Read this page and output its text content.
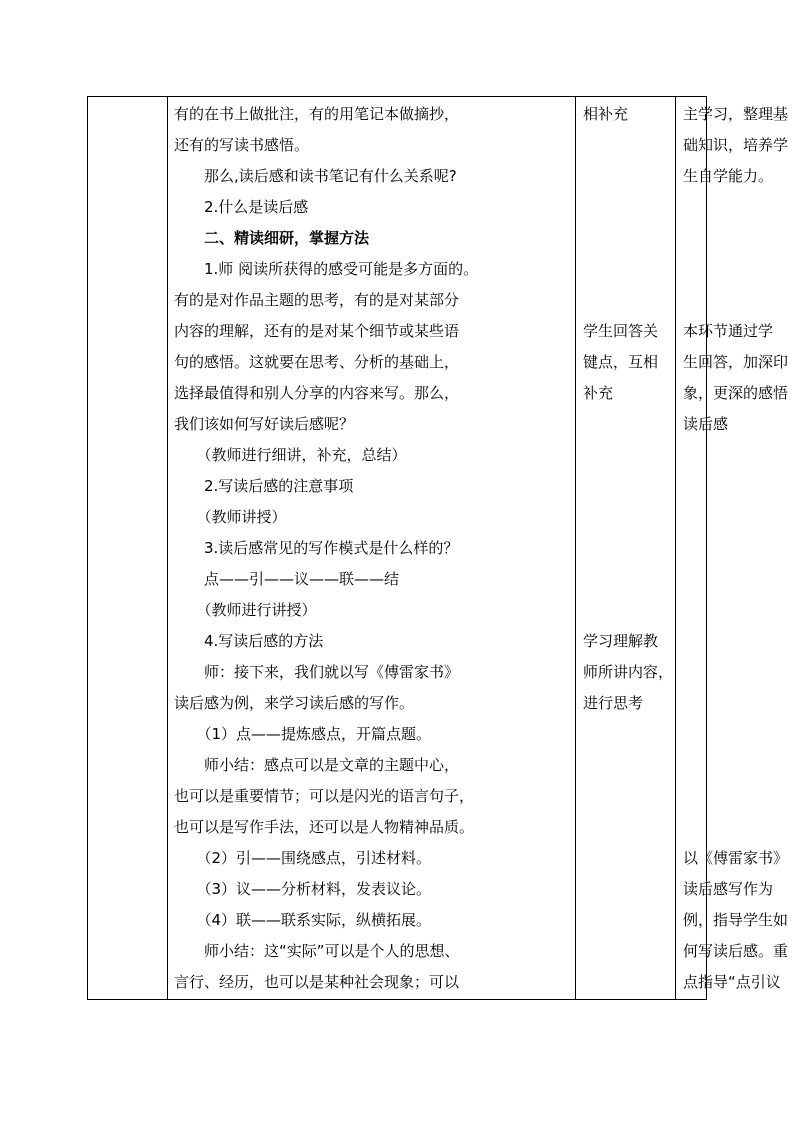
有的在书上做批注，有的用笔记本做摘抄，
还有的写读书感悟。
　　那么,读后感和读书笔记有什么关系呢?
　　2.什么是读后感
　　二、精读细研，掌握方法
　　1.师 阅读所获得的感受可能是多方面的。
有的是对作品主题的思考，有的是对某部分
内容的理解，还有的是对某个细节或某些语
句的感悟。这就要在思考、分析的基础上，
选择最值得和别人分享的内容来写。那么，
我们该如何写好读后感呢？
　　（教师进行细讲，补充，总结）
　　2.写读后感的注意事项
　　（教师讲授）
　　3.读后感常见的写作模式是什么样的？
　　点——引——议——联——结
　　（教师进行讲授）
　　4.写读后感的方法
　　师：接下来，我们就以写《傅雷家书》
读后感为例，来学习读后感的写作。
　　（1）点——提炼感点，开篇点题。
　　师小结：感点可以是文章的主题中心，
也可以是重要情节；可以是闪光的语言句子，
也可以是写作手法，还可以是人物精神品质。
　　（2）引——围绕感点，引述材料。
　　（3）议——分析材料，发表议论。
　　（4）联——联系实际，纵横拓展。
　　师小结：这“实际”可以是个人的思想、
言行、经历，也可以是某种社会现象；可以
相补充
学生回答关
键点，互相
补充
学习理解教
师所讲内容，
进行思考
主学习，整理基
础知识，培养学
生自学能力。
本环节通过学
生回答，加深印
象，更深的感悟
读后感
以《傅雷家书》
读后感写作为
例，指导学生如
何写读后感。重
点指导“点引议
